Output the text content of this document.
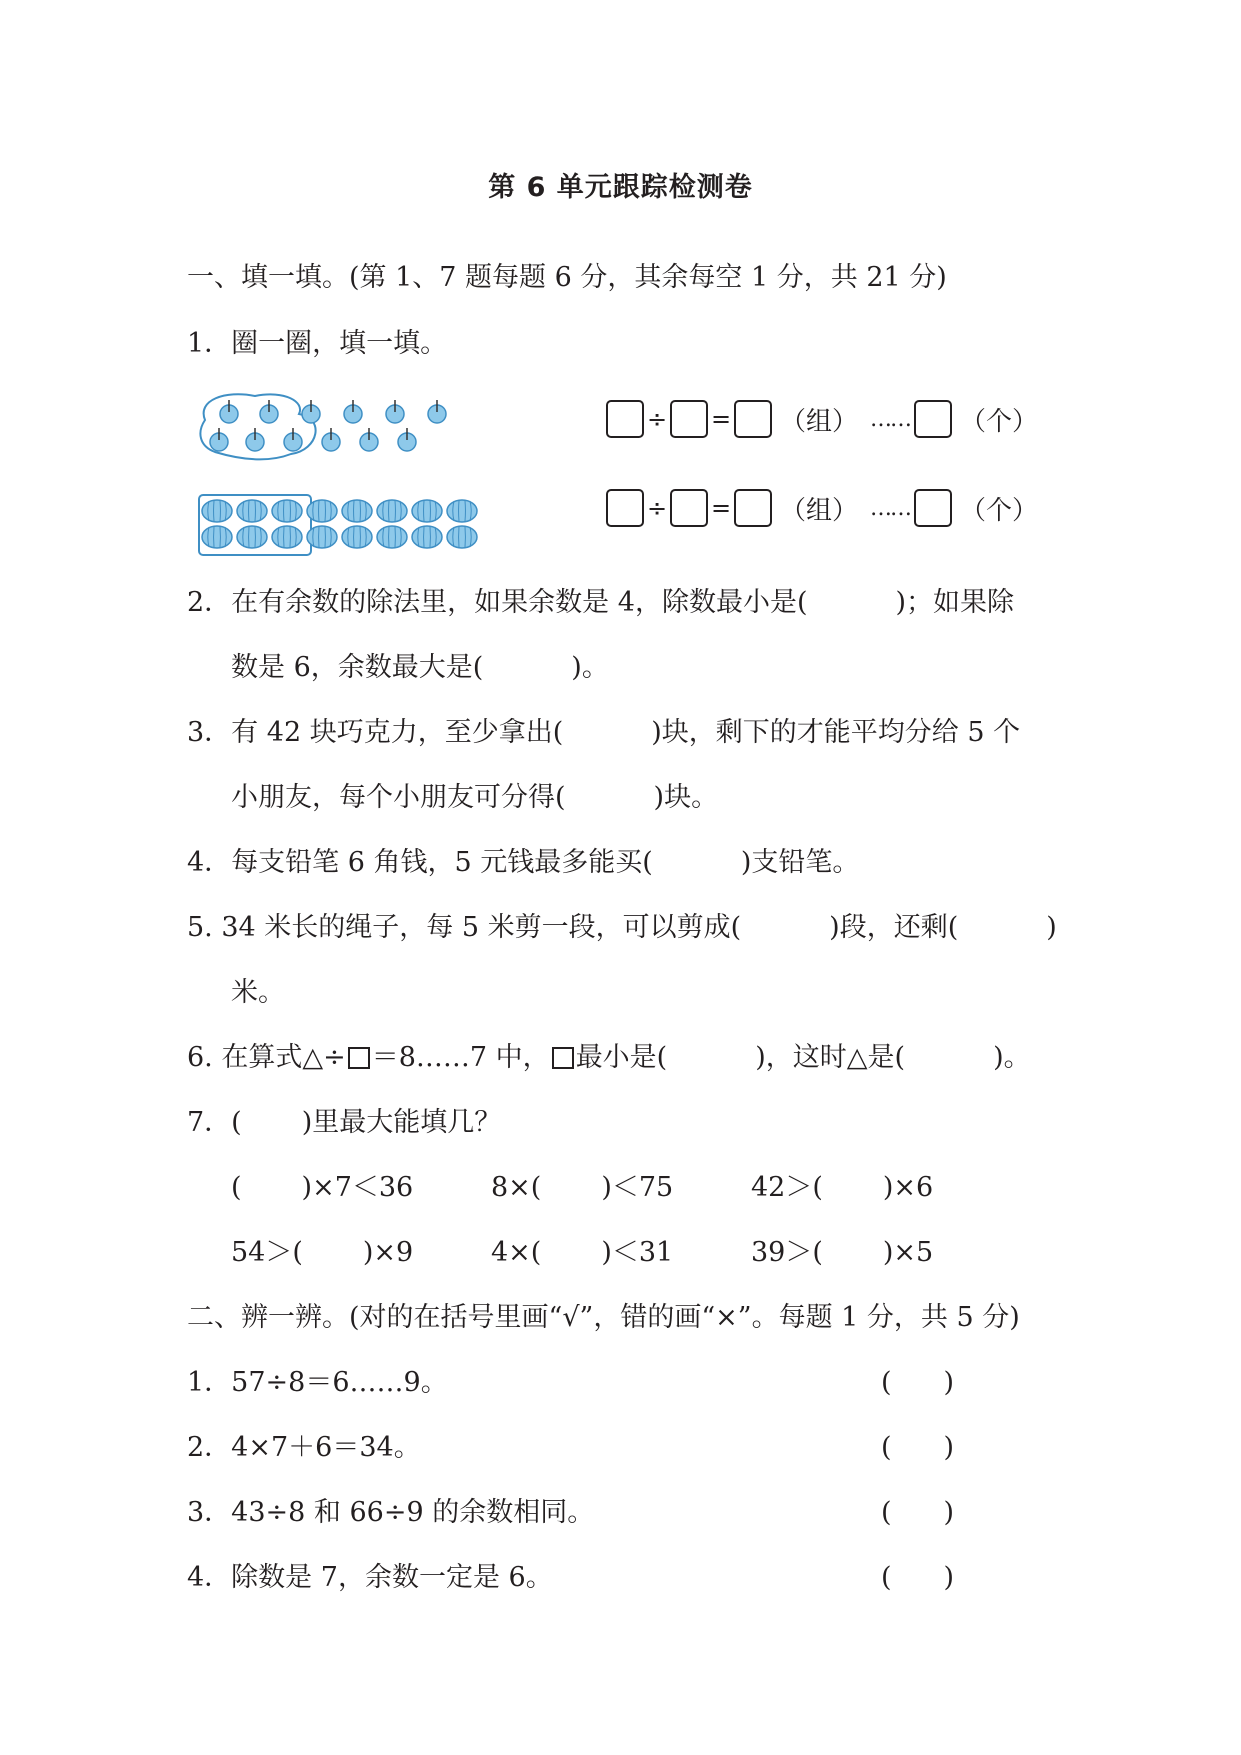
第 6 单元跟踪检测卷
一、填一填。(第 1、7 题每题 6 分，其余每空 1 分，共 21 分)
1．圈一圈，填一填。
÷ = （组） …… （个）
÷ = （组） …… （个）
2．在有余数的除法里，如果余数是 4，除数最小是(	)；如果除
数是 6，余数最大是(	)。
3．有 42 块巧克力，至少拿出(	)块，剩下的才能平均分给 5 个
小朋友，每个小朋友可分得(	)块。
4．每支铅笔 6 角钱，5 元钱最多能买(	)支铅笔。
5. 34 米长的绳子，每 5 米剪一段，可以剪成(	)段，还剩(	)
米。
6. 在算式△÷ ＝8……7 中， 最小是(	)，这时△是(	)。
7．( )里最大能填几？
( )×7＜36	8×( )＜75	42＞( )×6
54＞( )×9	4×( )＜31	39＞( )×5
二、辨一辨。(对的在括号里画“√”，错的画“×”。每题 1 分，共 5 分)
1．57÷8＝6……9。	( )
2．4×7＋6＝34。	( )
3．43÷8 和 66÷9 的余数相同。	( )
4．除数是 7，余数一定是 6。	( )
